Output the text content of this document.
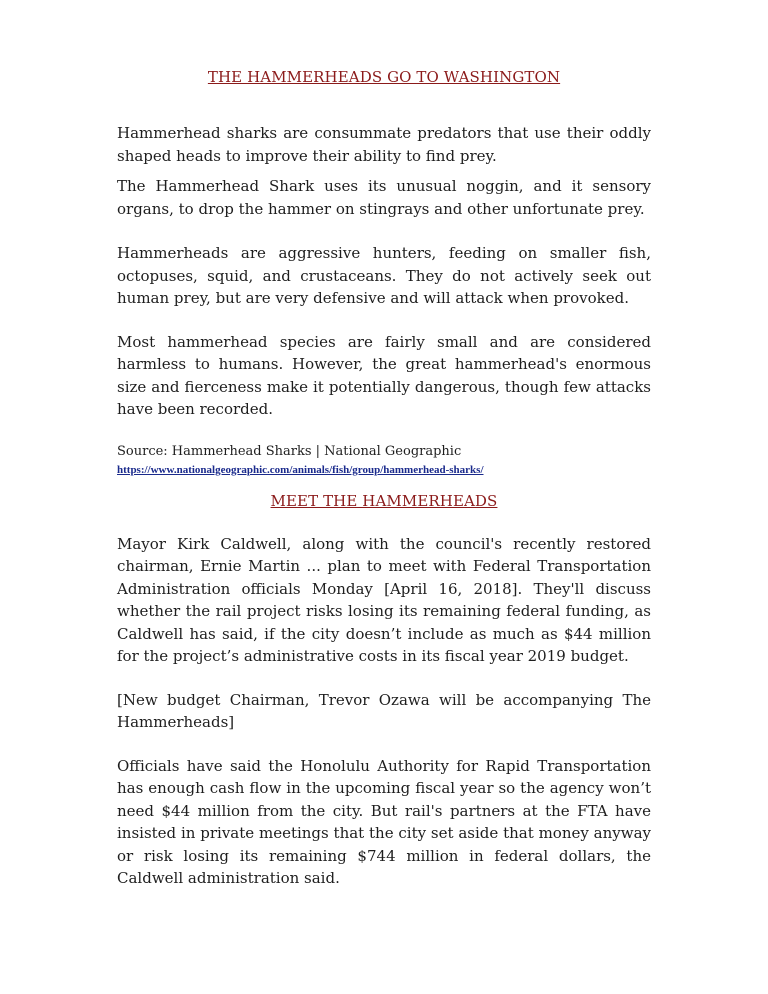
THE HAMMERHEADS GO TO WASHINGTON

Hammerhead sharks are consummate predators that use their oddly shaped heads to improve their ability to find prey.

The Hammerhead Shark uses its unusual noggin, and it sensory organs, to drop the hammer on stingrays and other unfortunate prey.

Hammerheads are aggressive hunters, feeding on smaller fish, octopuses, squid, and crustaceans. They do not actively seek out human prey, but are very defensive and will attack when provoked.

Most hammerhead species are fairly small and are considered harmless to humans. However, the great hammerhead's enormous size and fierceness make it potentially dangerous, though few attacks have been recorded.

Source: Hammerhead Sharks | National Geographic

https://www.nationalgeographic.com/animals/fish/group/hammerhead-sharks/
MEET THE HAMMERHEADS

Mayor Kirk Caldwell, along with the council's recently restored chairman, Ernie Martin ... plan to meet with Federal Transportation Administration officials Monday [April 16, 2018]. They'll discuss whether the rail project risks losing its remaining federal funding, as Caldwell has said, if the city doesn’t include as much as $44 million for the project’s administrative costs in its fiscal year 2019 budget.

[New budget Chairman, Trevor Ozawa will be accompanying The Hammerheads]

Officials have said the Honolulu Authority for Rapid Transportation has enough cash flow in the upcoming fiscal year so the agency won’t need $44 million from the city. But rail's partners at the FTA have insisted in private meetings that the city set aside that money anyway or risk losing its remaining $744 million in federal dollars, the Caldwell administration said.
